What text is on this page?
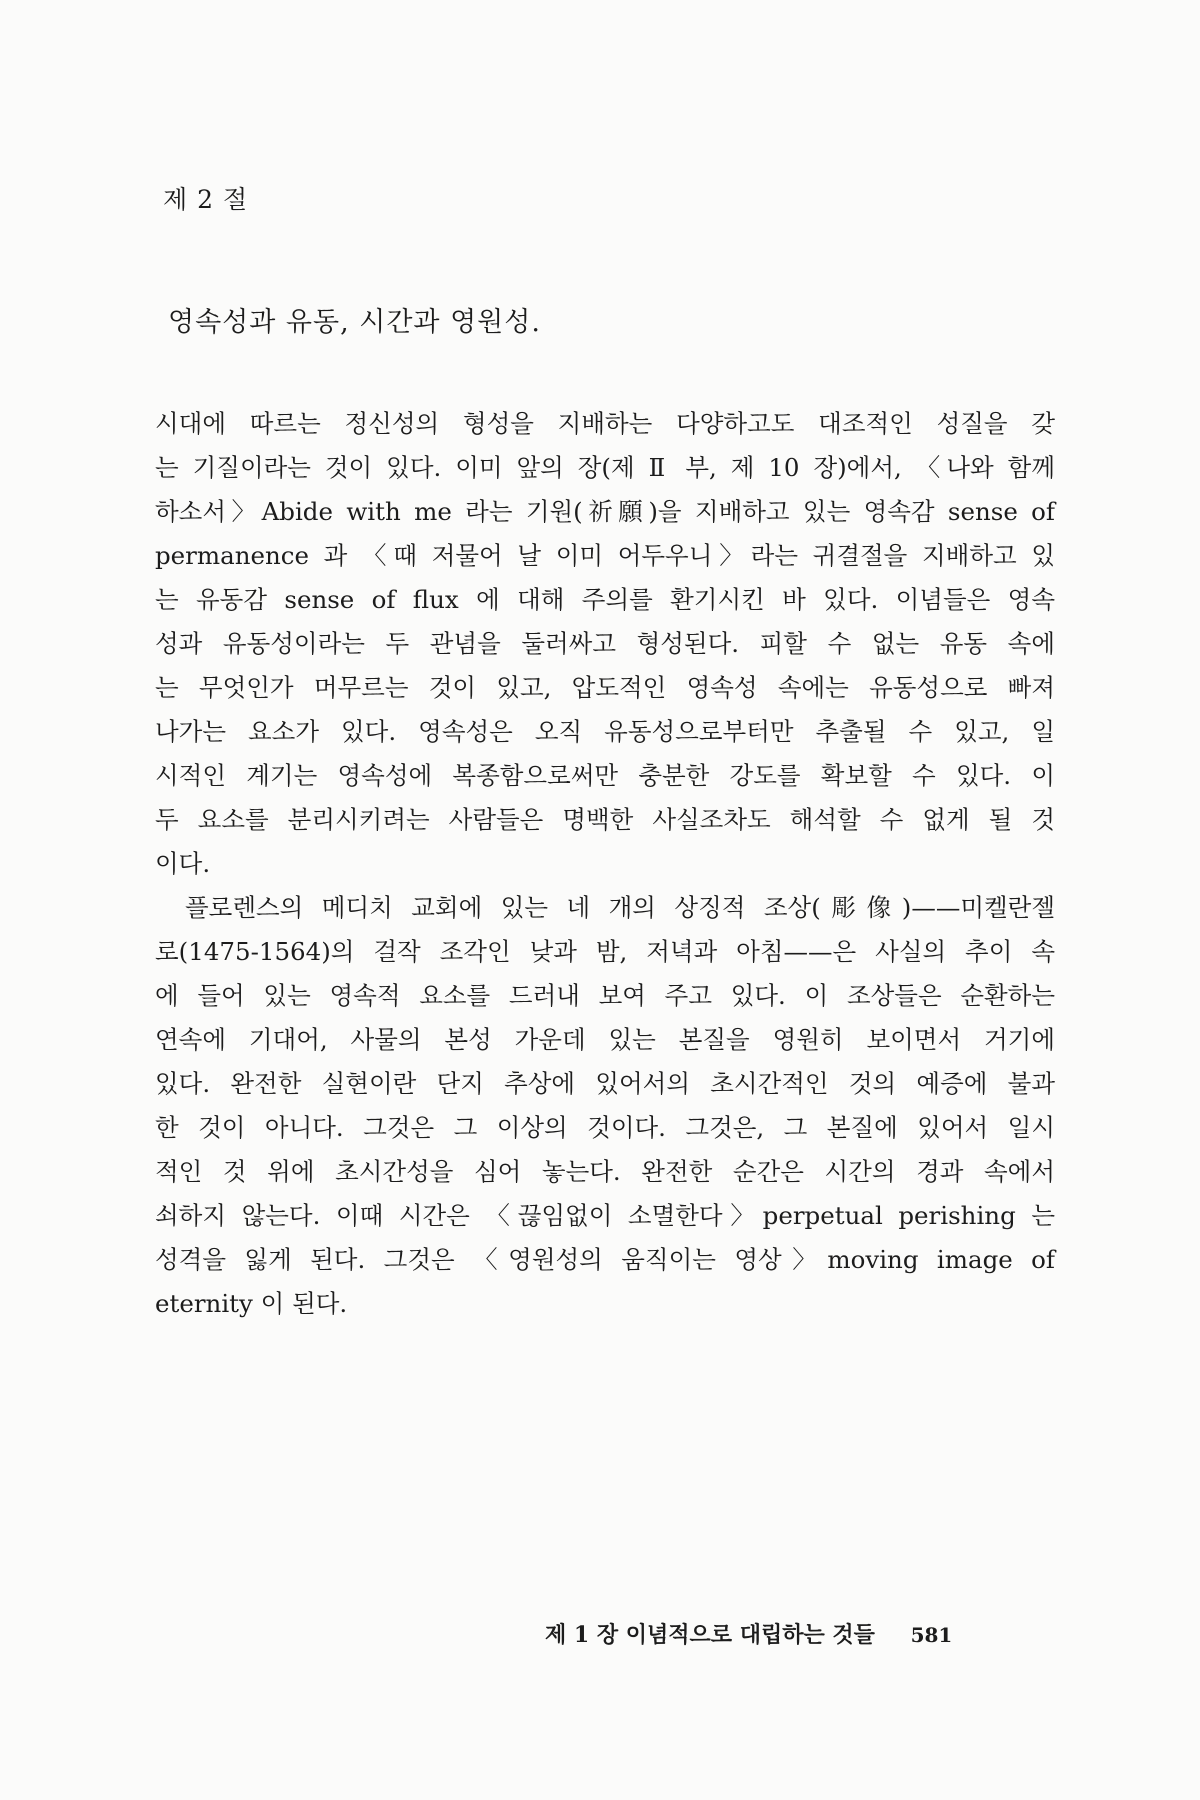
제 2 절
영속성과 유동, 시간과 영원성.
시대에 따르는 정신성의 형성을 지배하는 다양하고도 대조적인 성질을 갖
는 기질이라는 것이 있다. 이미 앞의 장(제 Ⅱ 부, 제 10 장)에서, 〈나와 함께
하소서〉Abide with me 라는 기원(祈願)을 지배하고 있는 영속감 sense of
permanence 과 〈때 저물어 날 이미 어두우니〉라는 귀결절을 지배하고 있
는 유동감 sense of flux 에 대해 주의를 환기시킨 바 있다. 이념들은 영속
성과 유동성이라는 두 관념을 둘러싸고 형성된다. 피할 수 없는 유동 속에
는 무엇인가 머무르는 것이 있고, 압도적인 영속성 속에는 유동성으로 빠져
나가는 요소가 있다. 영속성은 오직 유동성으로부터만 추출될 수 있고, 일
시적인 계기는 영속성에 복종함으로써만 충분한 강도를 확보할 수 있다. 이
두 요소를 분리시키려는 사람들은 명백한 사실조차도 해석할 수 없게 될 것
이다.
플로렌스의 메디치 교회에 있는 네 개의 상징적 조상(彫像)——미켈란젤
로(1475-1564)의 걸작 조각인 낮과 밤, 저녁과 아침——은 사실의 추이 속
에 들어 있는 영속적 요소를 드러내 보여 주고 있다. 이 조상들은 순환하는
연속에 기대어, 사물의 본성 가운데 있는 본질을 영원히 보이면서 거기에
있다. 완전한 실현이란 단지 추상에 있어서의 초시간적인 것의 예증에 불과
한 것이 아니다. 그것은 그 이상의 것이다. 그것은, 그 본질에 있어서 일시
적인 것 위에 초시간성을 심어 놓는다. 완전한 순간은 시간의 경과 속에서
쇠하지 않는다. 이때 시간은 〈끊임없이 소멸한다〉perpetual perishing 는
성격을 잃게 된다. 그것은 〈영원성의 움직이는 영상〉moving image of
eternity 이 된다.
제 1 장 이념적으로 대립하는 것들 581
